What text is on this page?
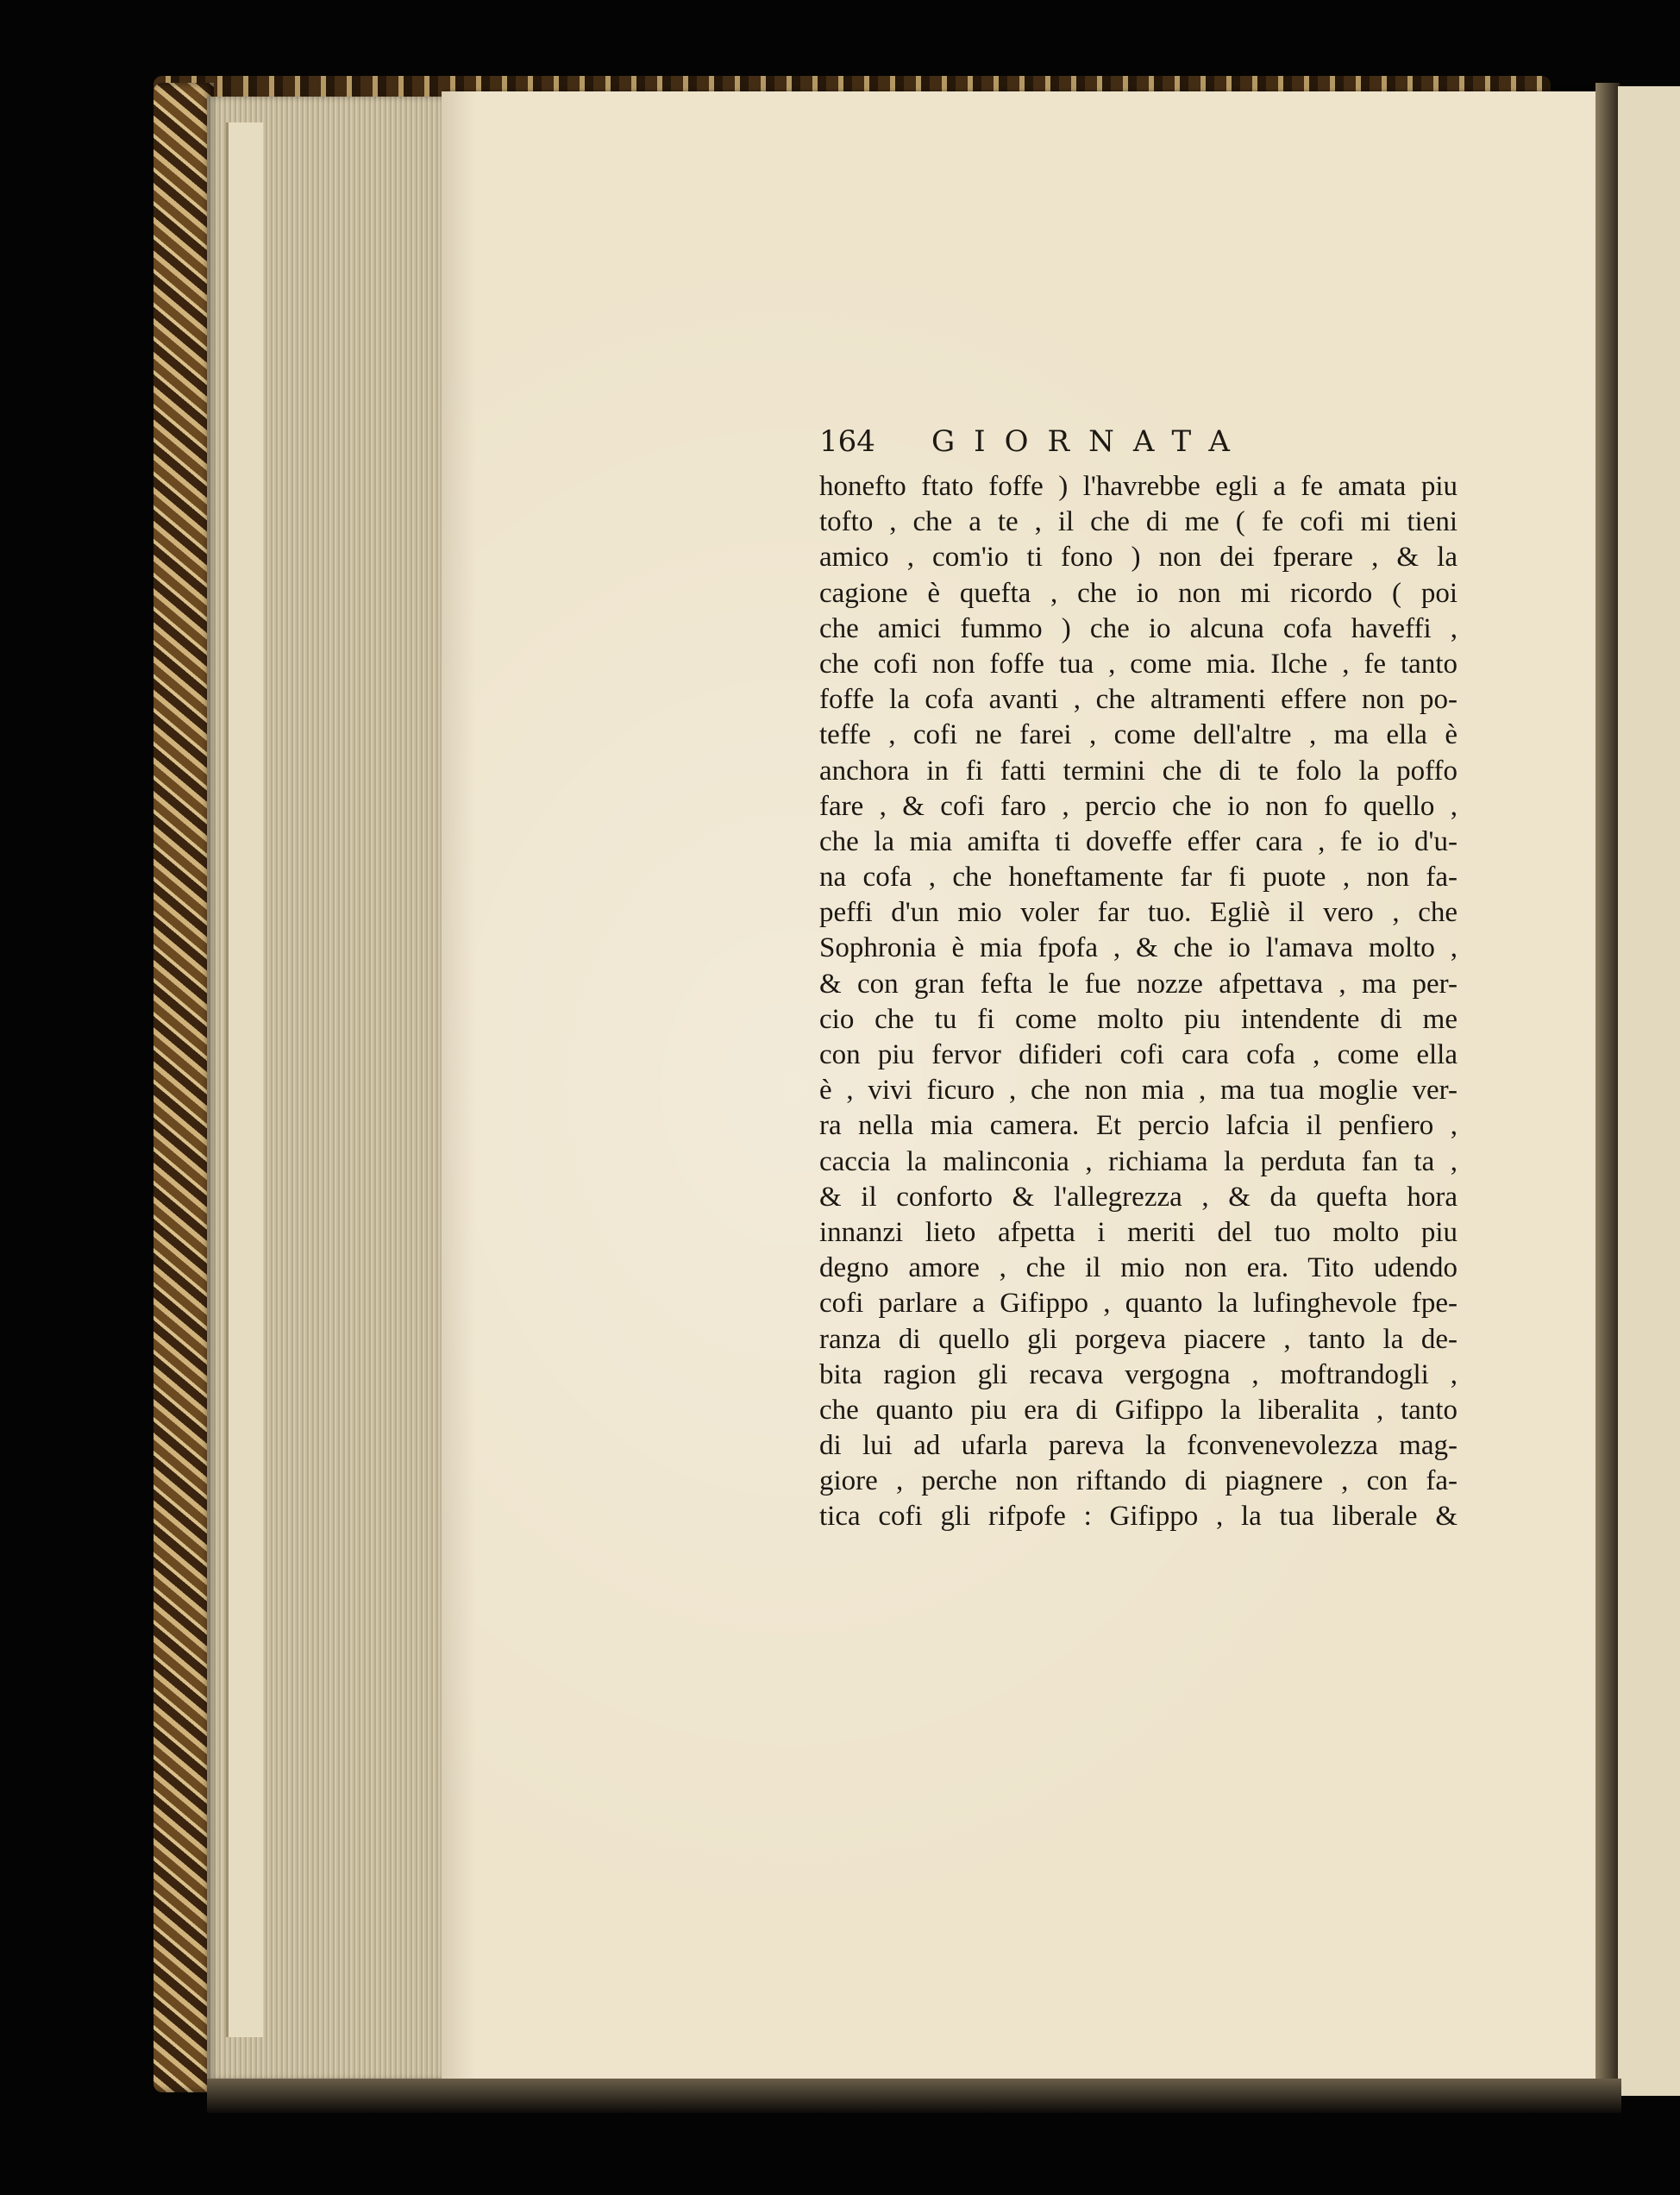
164	GIORNATA
honefto ftato foffe ) l'havrebbe egli a fe amata piu
tofto , che a te , il che di me ( fe cofi mi tieni
amico , com'io ti fono ) non dei fperare , & la
cagione è quefta , che io non mi ricordo ( poi
che amici fummo ) che io alcuna cofa haveffi ,
che cofi non foffe tua , come mia. Ilche , fe tanto
foffe la cofa avanti , che altramenti effere non po-
teffe , cofi ne farei , come dell'altre , ma ella è
anchora in fi fatti termini che di te folo la poffo
fare , & cofi faro , percio che io non fo quello ,
che la mia amifta ti doveffe effer cara , fe io d'u-
na cofa , che honeftamente far fi puote , non fa-
peffi d'un mio voler far tuo. Egliè il vero , che
Sophronia è mia fpofa , & che io l'amava molto ,
& con gran fefta le fue nozze afpettava , ma per-
cio che tu fi come molto piu intendente di me
con piu fervor difideri cofi cara cofa , come ella
è , vivi ficuro , che non mia , ma tua moglie ver-
ra nella mia camera. Et percio lafcia il penfiero ,
caccia la malinconia , richiama la perduta fan ta ,
& il conforto & l'allegrezza , & da quefta hora
innanzi lieto afpetta i meriti del tuo molto piu
degno amore , che il mio non era. Tito udendo
cofi parlare a Gifippo , quanto la lufinghevole fpe-
ranza di quello gli porgeva piacere , tanto la de-
bita ragion gli recava vergogna , moftrandogli ,
che quanto piu era di Gifippo la liberalita , tanto
di lui ad ufarla pareva la fconvenevolezza mag-
giore , perche non riftando di piagnere , con fa-
tica cofi gli rifpofe : Gifippo , la tua liberale &
